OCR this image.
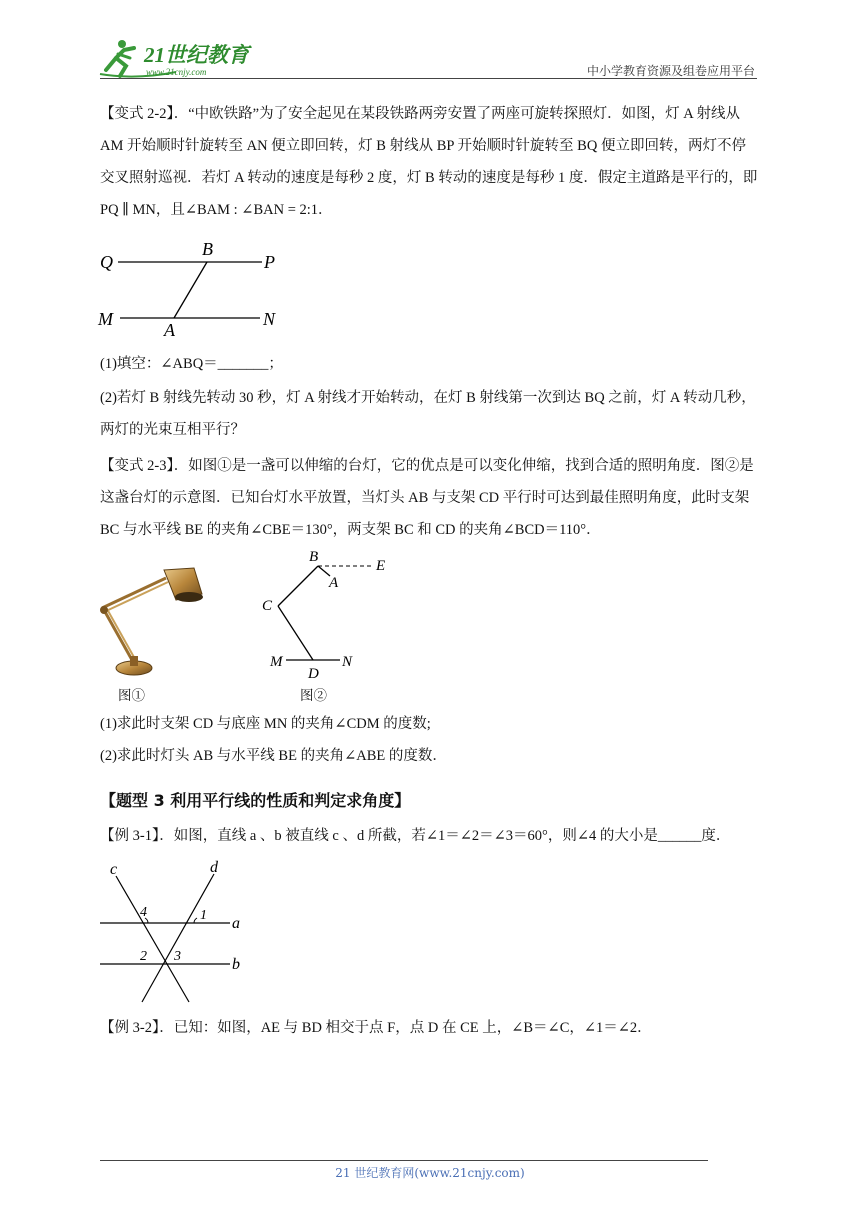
21世纪教育
www.21cnjy.com	中小学教育资源及组卷应用平台
【变式 2-2】．“中欧铁路”为了安全起见在某段铁路两旁安置了两座可旋转探照灯．如图，灯 A 射线从 AM 开始顺时针旋转至 AN 便立即回转，灯 B 射线从 BP 开始顺时针旋转至 BQ 便立即回转，两灯不停交叉照射巡视．若灯 A 转动的速度是每秒 2 度，灯 B 转动的速度是每秒 1 度．假定主道路是平行的，即 PQ ∥ MN，且∠BAM : ∠BAN = 2:1．
Q
B
P
M
A
N
(1)填空：∠ABQ＝_______；
(2)若灯 B 射线先转动 30 秒，灯 A 射线才开始转动，在灯 B 射线第一次到达 BQ 之前，灯 A 转动几秒，两灯的光束互相平行？
【变式 2-3】．如图①是一盏可以伸缩的台灯，它的优点是可以变化伸缩，找到合适的照明角度．图②是这盏台灯的示意图．已知台灯水平放置，当灯头 AB 与支架 CD 平行时可达到最佳照明角度，此时支架 BC 与水平线 BE 的夹角∠CBE＝130°，两支架 BC 和 CD 的夹角∠BCD＝110°．
图①
B
E
A
C
M
D
N
图②
(1)求此时支架 CD 与底座 MN 的夹角∠CDM 的度数;
(2)求此时灯头 AB 与水平线 BE 的夹角∠ABE 的度数．
【题型 3 利用平行线的性质和判定求角度】
【例 3-1】．如图，直线 a 、b 被直线 c 、d 所截，若∠1＝∠2＝∠3＝60°，则∠4 的大小是______度．
c	d
a
b
1
2 3
4
【例 3-2】．已知：如图，AE 与 BD 相交于点 F，点 D 在 CE 上，∠B＝∠C，∠1＝∠2．
21 世纪教育网(www.21cnjy.com)
